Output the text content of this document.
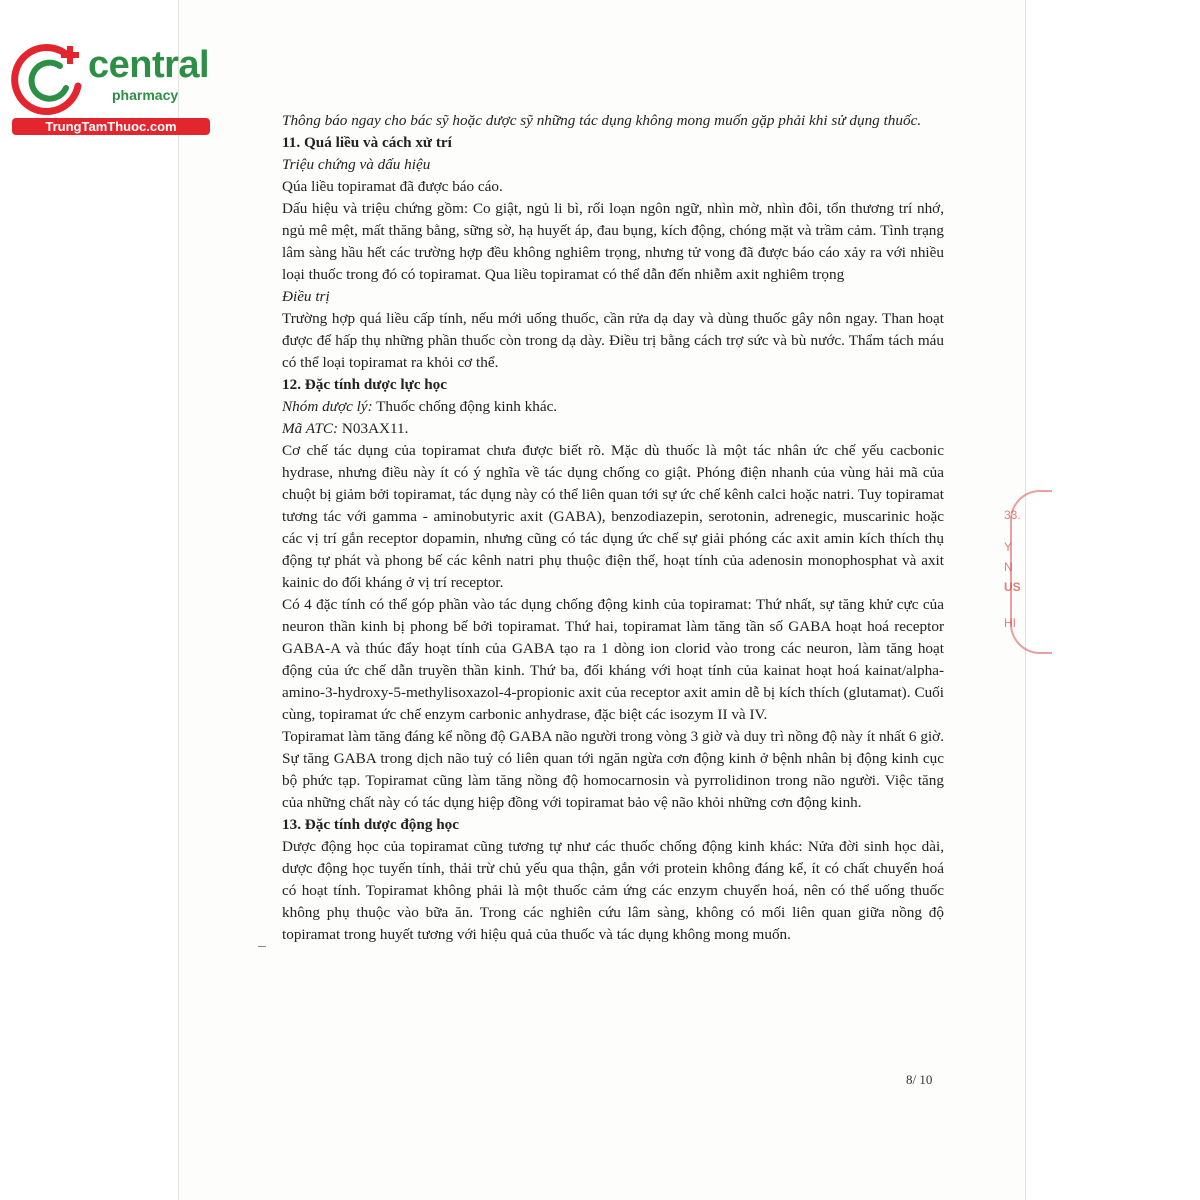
central
pharmacy
TrungTamThuoc.com
33.
Y
N
US
HI

Thông báo ngay cho bác sỹ hoặc dược sỹ những tác dụng không mong muốn gặp phải khi sử dụng thuốc.

11. Quá liều và cách xử trí

Triệu chứng và dấu hiệu

Qúa liều topiramat đã được báo cáo.

Dấu hiệu và triệu chứng gồm: Co giật, ngủ li bì, rối loạn ngôn ngữ, nhìn mờ, nhìn đôi, tổn thương trí nhớ, ngủ mê mệt, mất thăng bằng, sững sờ, hạ huyết áp, đau bụng, kích động, chóng mặt và trầm cảm. Tình trạng lâm sàng hầu hết các trường hợp đều không nghiêm trọng, nhưng tử vong đã được báo cáo xảy ra với nhiều loại thuốc trong đó có topiramat. Qua liều topiramat có thể dẫn đến nhiễm axit nghiêm trọng

Điều trị

Trường hợp quá liều cấp tính, nếu mới uống thuốc, cần rửa dạ day và dùng thuốc gây nôn ngay. Than hoạt được để hấp thụ những phần thuốc còn trong dạ dày. Điều trị bằng cách trợ sức và bù nước. Thẩm tách máu có thể loại topiramat ra khỏi cơ thể.

12. Đặc tính dược lực học

Nhóm dược lý: Thuốc chống động kinh khác.

Mã ATC: N03AX11.

Cơ chế tác dụng của topiramat chưa được biết rõ. Mặc dù thuốc là một tác nhân ức chế yếu cacbonic hydrase, nhưng điều này ít có ý nghĩa về tác dụng chống co giật. Phóng điện nhanh của vùng hải mã của chuột bị giảm bởi topiramat, tác dụng này có thể liên quan tới sự ức chế kênh calci hoặc natri. Tuy topiramat tương tác với gamma - aminobutyric axit (GABA), benzodiazepin, serotonin, adrenegic, muscarinic hoặc các vị trí gắn receptor dopamin, nhưng cũng có tác dụng ức chế sự giải phóng các axit amin kích thích thụ động tự phát và phong bế các kênh natri phụ thuộc điện thế, hoạt tính của adenosin monophosphat và axit kainic do đối kháng ở vị trí receptor.

Có 4 đặc tính có thể góp phần vào tác dụng chống động kinh của topiramat: Thứ nhất, sự tăng khử cực của neuron thần kinh bị phong bế bởi topiramat. Thứ hai, topiramat làm tăng tần số GABA hoạt hoá receptor GABA-A và thúc đẩy hoạt tính của GABA tạo ra 1 dòng ion clorid vào trong các neuron, làm tăng hoạt động của ức chế dẫn truyền thần kinh. Thứ ba, đối kháng với hoạt tính của kainat hoạt hoá kainat/alpha-amino-3-hydroxy-5-methylisoxazol-4-propionic axit của receptor axit amin dễ bị kích thích (glutamat). Cuối cùng, topiramat ức chế enzym carbonic anhydrase, đặc biệt các isozym II và IV.

Topiramat làm tăng đáng kể nồng độ GABA não người trong vòng 3 giờ và duy trì nồng độ này ít nhất 6 giờ. Sự tăng GABA trong dịch não tuỷ có liên quan tới ngăn ngừa cơn động kinh ở bệnh nhân bị động kinh cục bộ phức tạp. Topiramat cũng làm tăng nồng độ homocarnosin và pyrrolidinon trong não người. Việc tăng của những chất này có tác dụng hiệp đồng với topiramat bảo vệ não khỏi những cơn động kinh.

13. Đặc tính dược động học

Dược động học của topiramat cũng tương tự như các thuốc chống động kinh khác: Nửa đời sinh học dài, dược động học tuyến tính, thải trừ chủ yếu qua thận, gắn với protein không đáng kể, ít có chất chuyển hoá có hoạt tính. Topiramat không phải là một thuốc cảm ứng các enzym chuyển hoá, nên có thể uống thuốc không phụ thuộc vào bữa ăn. Trong các nghiên cứu lâm sàng, không có mối liên quan giữa nồng độ topiramat trong huyết tương với hiệu quả của thuốc và tác dụng không mong muốn.

8/ 10
